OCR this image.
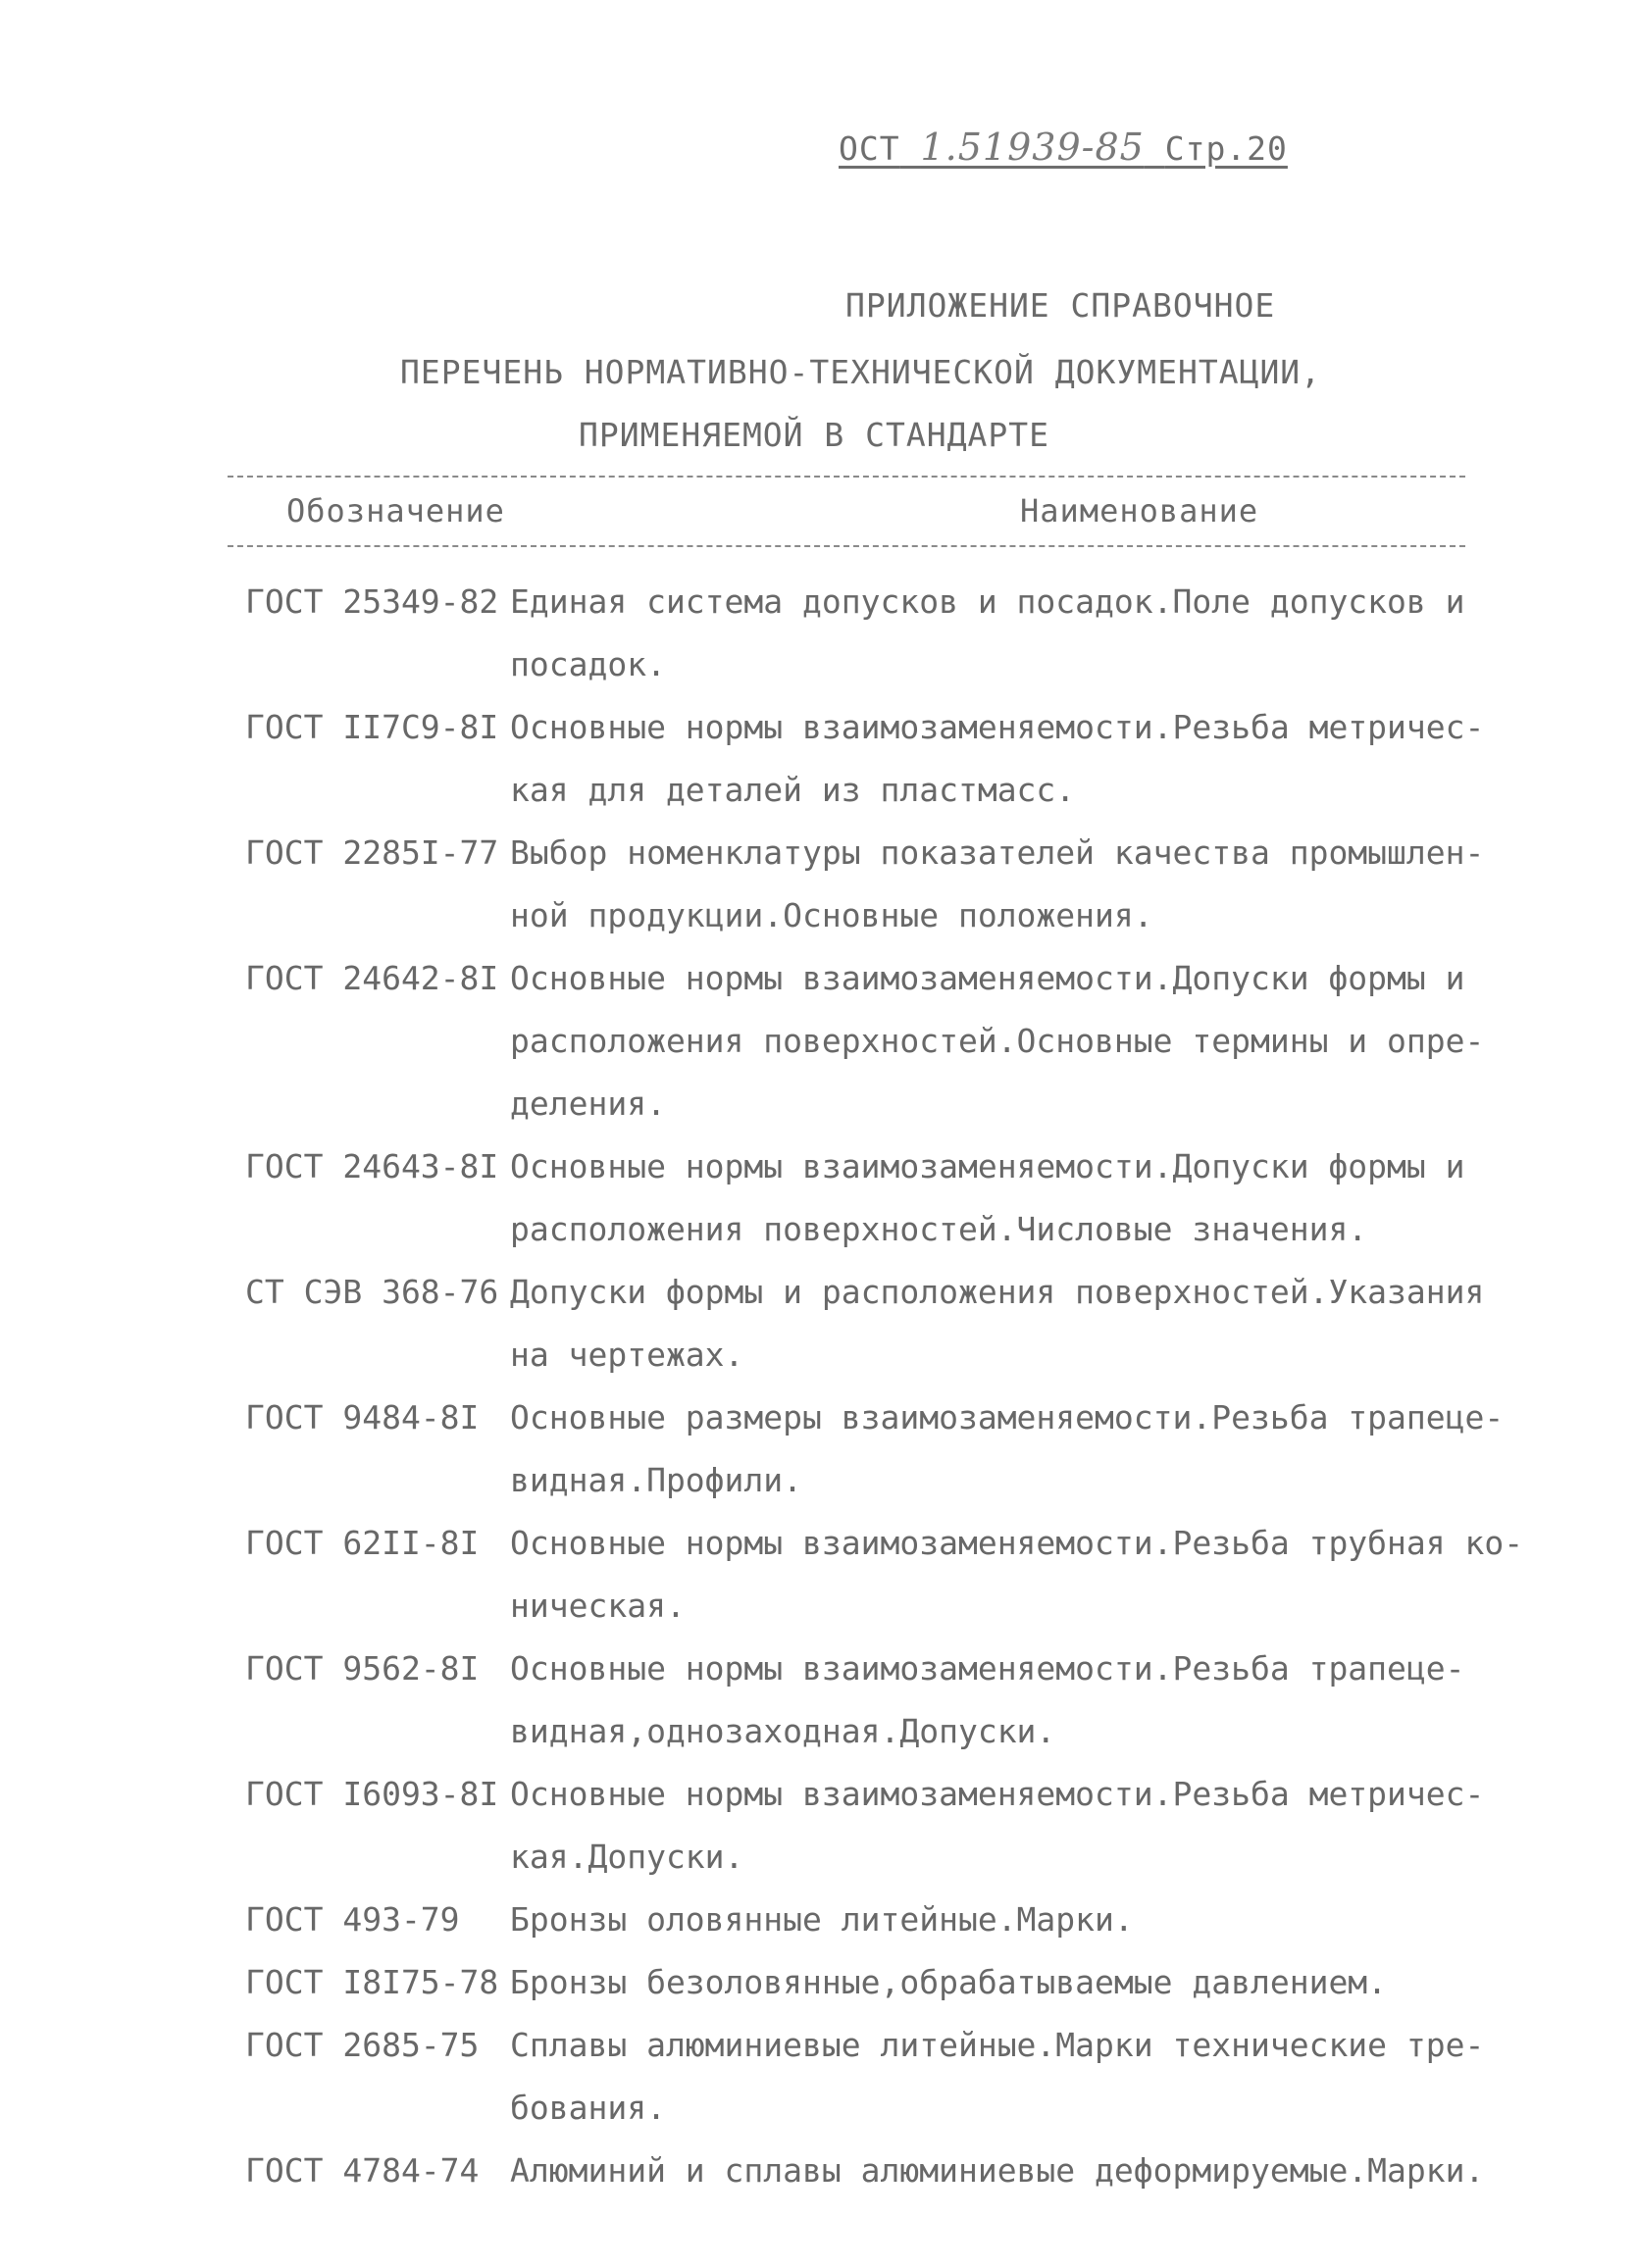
ОСТ 1.51939-85 Стр.20
ПРИЛОЖЕНИЕ СПРАВОЧНОЕ
ПЕРЕЧЕНЬ НОРМАТИВНО-ТЕХНИЧЕСКОЙ ДОКУМЕНТАЦИИ,
ПРИМЕНЯЕМОЙ В СТАНДАРТЕ
Обозначение	Наименование
ГОСТ 25349-82 Единая система допусков и посадок.Поле допусков и
посадок.
ГОСТ II7С9-8I Основные нормы взаимозаменяемости.Резьба метричес-
кая для деталей из пластмасс.
ГОСТ 2285I-77 Выбор номенклатуры показателей качества промышлен-
ной продукции.Основные положения.
ГОСТ 24642-8I Основные нормы взаимозаменяемости.Допуски формы и
расположения поверхностей.Основные термины и опре-
деления.
ГОСТ 24643-8I Основные нормы взаимозаменяемости.Допуски формы и
расположения поверхностей.Числовые значения.
СТ СЭВ 368-76 Допуски формы и расположения поверхностей.Указания
на чертежах.
ГОСТ 9484-8I Основные размеры взаимозаменяемости.Резьба трапецe-
видная.Профили.
ГОСТ 62II-8I Основные нормы взаимозаменяемости.Резьба трубная ко-
ническая.
ГОСТ 9562-8I Основные нормы взаимозаменяемости.Резьба трапеце-
видная,однозаходная.Допуски.
ГОСТ I6093-8I Основные нормы взаимозаменяемости.Резьба метричес-
кая.Допуски.
ГОСТ 493-79	Бронзы оловянные литейные.Марки.
ГОСТ I8I75-78 Бронзы безоловянные,обрабатываемые давлением.
ГОСТ 2685-75 Сплавы алюминиевые литейные.Марки технические тре-
бования.
ГОСТ 4784-74 Алюминий и сплавы алюминиевые деформируемые.Марки.
